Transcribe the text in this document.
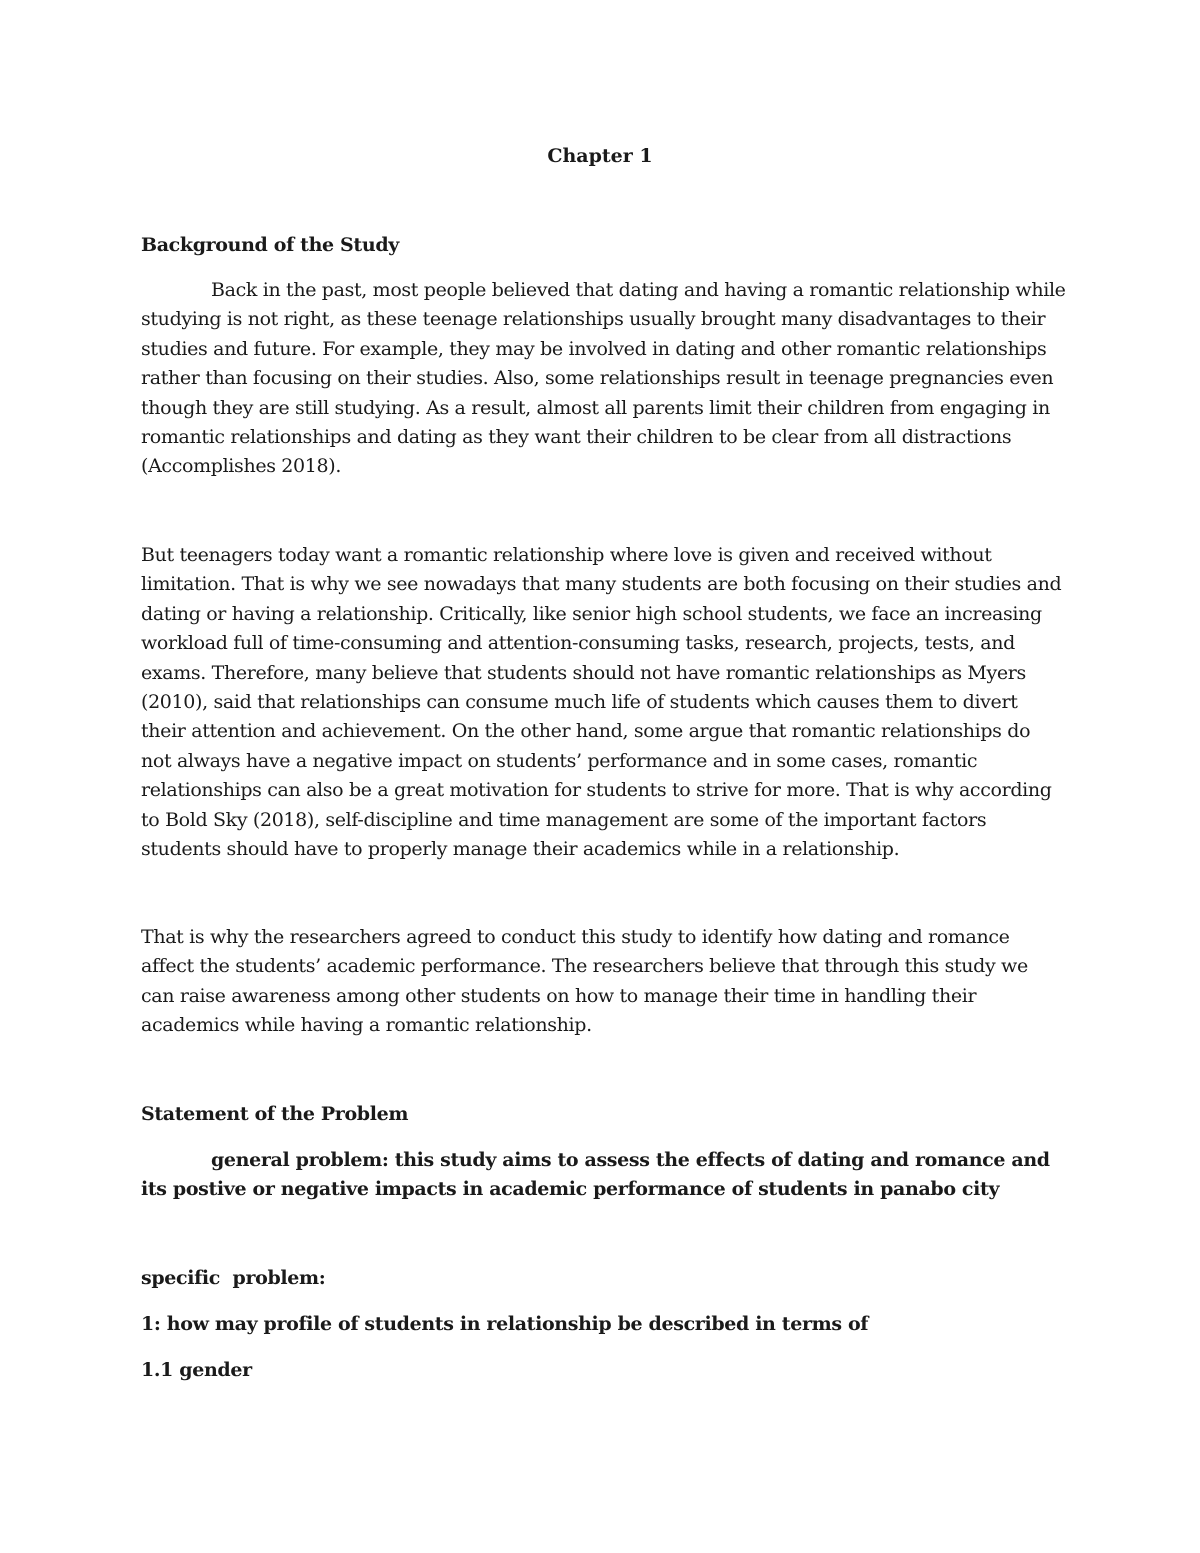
Chapter 1

Background of the Study

Back in the past, most people believed that dating and having a romantic relationship while studying is not right, as these teenage relationships usually brought many disadvantages to their studies and future. For example, they may be involved in dating and other romantic relationships rather than focusing on their studies. Also, some relationships result in teenage pregnancies even though they are still studying. As a result, almost all parents limit their children from engaging in romantic relationships and dating as they want their children to be clear from all distractions (Accomplishes 2018).

But teenagers today want a romantic relationship where love is given and received without limitation. That is why we see nowadays that many students are both focusing on their studies and dating or having a relationship. Critically, like senior high school students, we face an increasing workload full of time-consuming and attention-consuming tasks, research, projects, tests, and exams. Therefore, many believe that students should not have romantic relationships as Myers (2010), said that relationships can consume much life of students which causes them to divert their attention and achievement. On the other hand, some argue that romantic relationships do not always have a negative impact on students’ performance and in some cases, romantic relationships can also be a great motivation for students to strive for more. That is why according to Bold Sky (2018), self-discipline and time management are some of the important factors students should have to properly manage their academics while in a relationship.

That is why the researchers agreed to conduct this study to identify how dating and romance affect the students’ academic performance. The researchers believe that through this study we can raise awareness among other students on how to manage their time in handling their academics while having a romantic relationship.

Statement of the Problem

general problem: this study aims to assess the effects of dating and romance and its postive or negative impacts in academic performance of students in panabo city

specific  problem:

1: how may profile of students in relationship be described in terms of

1.1 gender
